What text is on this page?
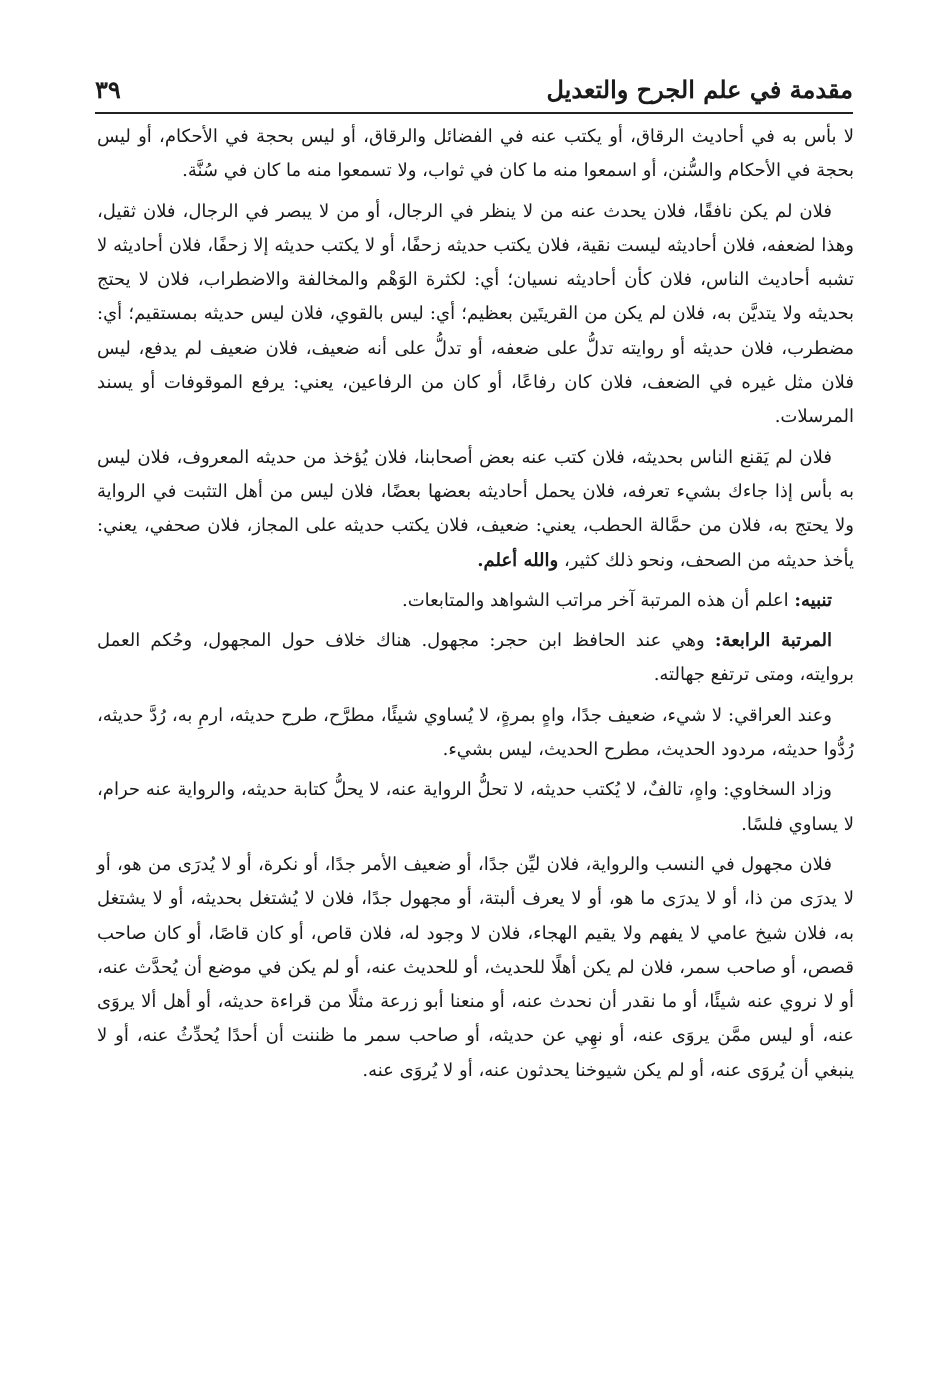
مقدمة في علم الجرح والتعديل
٣٩

لا بأس به في أحاديث الرقاق، أو يكتب عنه في الفضائل والرقاق، أو ليس بحجة في الأحكام، أو ليس بحجة في الأحكام والسُّنن، أو اسمعوا منه ما كان في ثواب، ولا تسمعوا منه ما كان في سُنَّة.

فلان لم يكن نافقًا، فلان يحدث عنه من لا ينظر في الرجال، أو من لا يبصر في الرجال، فلان ثقيل، وهذا لضعفه، فلان أحاديثه ليست نقية، فلان يكتب حديثه زحفًا، أو لا يكتب حديثه إلا زحفًا، فلان أحاديثه لا تشبه أحاديث الناس، فلان كأن أحاديثه نسيان؛ أي: لكثرة الوَهْم والمخالفة والاضطراب، فلان لا يحتج بحديثه ولا يتديَّن به، فلان لم يكن من القريتَين بعظيم؛ أي: ليس بالقوي، فلان ليس حديثه بمستقيم؛ أي: مضطرب، فلان حديثه أو روايته تدلُّ على ضعفه، أو تدلُّ على أنه ضعيف، فلان ضعيف لم يدفع، ليس فلان مثل غيره في الضعف، فلان كان رفاعًا، أو كان من الرفاعين، يعني: يرفع الموقوفات أو يسند المرسلات.

فلان لم يَقنع الناس بحديثه، فلان كتب عنه بعض أصحابنا، فلان يُؤخذ من حديثه المعروف، فلان ليس به بأس إذا جاءك بشيء تعرفه، فلان يحمل أحاديثه بعضها بعضًا، فلان ليس من أهل التثبت في الرواية ولا يحتج به، فلان من حمَّالة الحطب، يعني: ضعيف، فلان يكتب حديثه على المجاز، فلان صحفي، يعني: يأخذ حديثه من الصحف، ونحو ذلك كثير، والله أعلم.

تنبيه: اعلم أن هذه المرتبة آخر مراتب الشواهد والمتابعات.

المرتبة الرابعة: وهي عند الحافظ ابن حجر: مجهول. هناك خلاف حول المجهول، وحُكم العمل بروايته، ومتى ترتفع جهالته.

وعند العراقي: لا شيء، ضعيف جدًا، واهٍ بمرةٍ، لا يُساوي شيئًا، مطرَّح، طرح حديثه، ارمِ به، رُدَّ حديثه، رُدُّوا حديثه، مردود الحديث، مطرح الحديث، ليس بشيء.

وزاد السخاوي: واهٍ، تالفٌ، لا يُكتب حديثه، لا تحلُّ الرواية عنه، لا يحلُّ كتابة حديثه، والرواية عنه حرام، لا يساوي فلسًا.

فلان مجهول في النسب والرواية، فلان ليِّن جدًا، أو ضعيف الأمر جدًا، أو نكرة، أو لا يُدرَى من هو، أو لا يدرَى من ذا، أو لا يدرَى ما هو، أو لا يعرف ألبتة، أو مجهول جدًا، فلان لا يُشتغل بحديثه، أو لا يشتغل به، فلان شيخ عامي لا يفهم ولا يقيم الهجاء، فلان لا وجود له، فلان قاص، أو كان قاصًا، أو كان صاحب قصص، أو صاحب سمر، فلان لم يكن أهلًا للحديث، أو للحديث عنه، أو لم يكن في موضع أن يُحدَّث عنه، أو لا نروي عنه شيئًا، أو ما نقدر أن نحدث عنه، أو منعنا أبو زرعة مثلًا من قراءة حديثه، أو أهل ألا يروَى عنه، أو ليس ممَّن يروَى عنه، أو نهِي عن حديثه، أو صاحب سمر ما ظننت أن أحدًا يُحدِّثُ عنه، أو لا ينبغي أن يُروَى عنه، أو لم يكن شيوخنا يحدثون عنه، أو لا يُروَى عنه.
